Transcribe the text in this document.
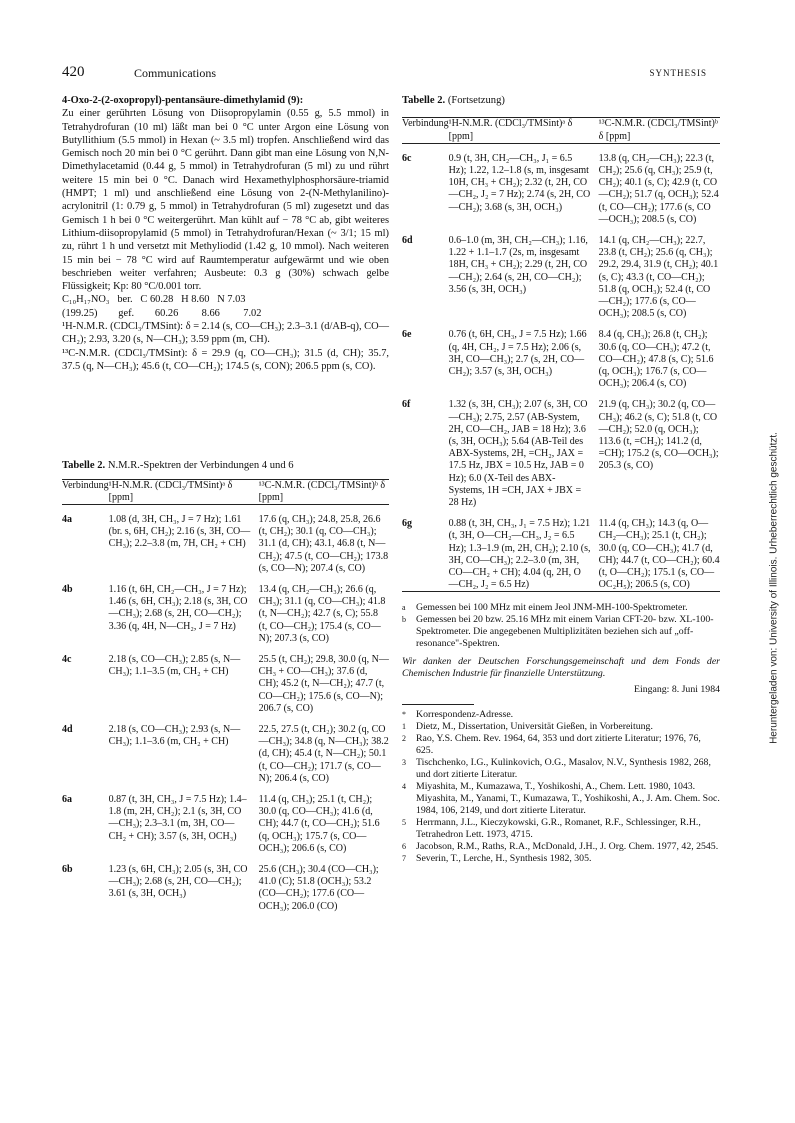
420	Communications	SYNTHESIS

4-Oxo-2-(2-oxopropyl)-pentansäure-dimethylamid (9):

Zu einer gerührten Lösung von Diisopropylamin (0.55 g, 5.5 mmol) in Tetrahydrofuran (10 ml) läßt man bei 0 °C unter Argon eine Lösung von Butyllithium (5.5 mmol) in Hexan (~ 3.5 ml) tropfen. Anschließend wird das Gemisch noch 20 min bei 0 °C gerührt. Dann gibt man eine Lösung von N,N-Dimethylacetamid (0.44 g, 5 mmol) in Tetrahydrofuran (5 ml) zu und rührt weitere 15 min bei 0 °C. Danach wird Hexamethylphosphorsäure-triamid (HMPT; 1 ml) und anschließend eine Lösung von 2-(N-Methylanilino)-acrylonitril (1: 0.79 g, 5 mmol) in Tetrahydrofuran (5 ml) zugesetzt und das Gemisch 1 h bei 0 °C weitergerührt. Man kühlt auf − 78 °C ab, gibt weiteres Lithium-diisopropylamid (5 mmol) in Tetrahydrofuran/Hexan (~ 3/1; 15 ml) zu, rührt 1 h und versetzt mit Methyliodid (1.42 g, 10 mmol). Nach weiteren 15 min bei − 78 °C wird auf Raumtemperatur aufgewärmt und wie oben beschrieben weiter verfahren; Ausbeute: 0.3 g (30%) schwach gelbe Flüssigkeit; Kp: 80 °C/0.001 torr.

C₁₀H₁₇NO₃   ber.   C 60.28   H 8.60   N 7.03

(199.25)        gef.        60.26         8.66         7.02

¹H-N.M.R. (CDCl₃/TMSint): δ = 2.14 (s, CO—CH₃); 2.3–3.1 (d/AB-q), CO—CH₂); 2.93, 3.20 (s, N—CH₃); 3.59 ppm (m, CH).

¹³C-N.M.R. (CDCl₃/TMSint): δ = 29.9 (q, CO—CH₃); 31.5 (d, CH); 35.7, 37.5 (q, N—CH₃); 45.6 (t, CO—CH₂); 174.5 (s, CON); 206.5 ppm (s, CO).

Tabelle 2. N.M.R.-Spektren der Verbindungen 4 und 6

Verbindung	¹H-N.M.R. (CDCl₃/TMSint)ᵃ δ [ppm]	¹³C-N.M.R. (CDCl₃/TMSint)ᵇ δ [ppm]
4a	1.08 (d, 3H, CH₃, J = 7 Hz); 1.61 (br. s, 6H, CH₂); 2.16 (s, 3H, CO—CH₃); 2.2–3.8 (m, 7H, CH₂ + CH)	17.6 (q, CH₃); 24.8, 25.8, 26.6 (t, CH₂); 30.1 (q, CO—CH₃); 31.1 (d, CH); 43.1, 46.8 (t, N—CH₂); 47.5 (t, CO—CH₂); 173.8 (s, CO—N); 207.4 (s, CO)
4b	1.16 (t, 6H, CH₂—CH₃, J = 7 Hz); 1.46 (s, 6H, CH₃); 2.18 (s, 3H, CO—CH₃); 2.68 (s, 2H, CO—CH₂); 3.36 (q, 4H, N—CH₂, J = 7 Hz)	13.4 (q, CH₂—CH₃); 26.6 (q, CH₃); 31.1 (q, CO—CH₃); 41.8 (t, N—CH₂); 42.7 (s, C); 55.8 (t, CO—CH₂); 175.4 (s, CO—N); 207.3 (s, CO)
4c	2.18 (s, CO—CH₃); 2.85 (s, N—CH₃); 1.1–3.5 (m, CH₂ + CH)	25.5 (t, CH₂); 29.8, 30.0 (q, N—CH₃ + CO—CH₃); 37.6 (d, CH); 45.2 (t, N—CH₂); 47.7 (t, CO—CH₂); 175.6 (s, CO—N); 206.7 (s, CO)
4d	2.18 (s, CO—CH₃); 2.93 (s, N—CH₃); 1.1–3.6 (m, CH₂ + CH)	22.5, 27.5 (t, CH₂); 30.2 (q, CO—CH₃); 34.8 (q, N—CH₃); 38.2 (d, CH); 45.4 (t, N—CH₂); 50.1 (t, CO—CH₂); 171.7 (s, CO—N); 206.4 (s, CO)
6a	0.87 (t, 3H, CH₃, J = 7.5 Hz); 1.4–1.8 (m, 2H, CH₂); 2.1 (s, 3H, CO—CH₃); 2.3–3.1 (m, 3H, CO—CH₂ + CH); 3.57 (s, 3H, OCH₃)	11.4 (q, CH₃); 25.1 (t, CH₂); 30.0 (q, CO—CH₃); 41.6 (d, CH); 44.7 (t, CO—CH₂); 51.6 (q, OCH₃); 175.7 (s, CO—OCH₃); 206.6 (s, CO)
6b	1.23 (s, 6H, CH₃); 2.05 (s, 3H, CO—CH₃); 2.68 (s, 2H, CO—CH₂); 3.61 (s, 3H, OCH₃)	25.6 (CH₃); 30.4 (CO—CH₃); 41.0 (C); 51.8 (OCH₃); 53.2 (CO—CH₂); 177.6 (CO—OCH₃); 206.0 (CO)

Tabelle 2. (Fortsetzung)

Verbindung	¹H-N.M.R. (CDCl₃/TMSint)ᵃ δ [ppm]	¹³C-N.M.R. (CDCl₃/TMSint)ᵇ δ [ppm]
6c	0.9 (t, 3H, CH₂—CH₃, J₁ = 6.5 Hz); 1.22, 1.2–1.8 (s, m, insgesamt 10H, CH₃ + CH₂); 2.32 (t, 2H, CO—CH₂, J₂ = 7 Hz); 2.74 (s, 2H, CO—CH₂); 3.68 (s, 3H, OCH₃)	13.8 (q, CH₂—CH₃); 22.3 (t, CH₂); 25.6 (q, CH₃); 25.9 (t, CH₂); 40.1 (s, C); 42.9 (t, CO—CH₂); 51.7 (q, OCH₃); 52.4 (t, CO—CH₂); 177.6 (s, CO—OCH₃); 208.5 (s, CO)
6d	0.6–1.0 (m, 3H, CH₂—CH₃); 1.16, 1.22 + 1.1–1.7 (2s, m, insgesamt 18H, CH₃ + CH₂); 2.29 (t, 2H, CO—CH₂); 2.64 (s, 2H, CO—CH₂); 3.56 (s, 3H, OCH₃)	14.1 (q, CH₂—CH₃); 22.7, 23.8 (t, CH₂); 25.6 (q, CH₃); 29.2, 29.4, 31.9 (t, CH₂); 40.1 (s, C); 43.3 (t, CO—CH₂); 51.8 (q, OCH₃); 52.4 (t, CO—CH₂); 177.6 (s, CO—OCH₃); 208.5 (s, CO)
6e	0.76 (t, 6H, CH₃, J = 7.5 Hz); 1.66 (q, 4H, CH₂, J = 7.5 Hz); 2.06 (s, 3H, CO—CH₃); 2.7 (s, 2H, CO—CH₂); 3.57 (s, 3H, OCH₃)	8.4 (q, CH₃); 26.8 (t, CH₂); 30.6 (q, CO—CH₃); 47.2 (t, CO—CH₂); 47.8 (s, C); 51.6 (q, OCH₃); 176.7 (s, CO—OCH₃); 206.4 (s, CO)
6f	1.32 (s, 3H, CH₃); 2.07 (s, 3H, CO—CH₃); 2.75, 2.57 (AB-System, 2H, CO—CH₂, JAB = 18 Hz); 3.6 (s, 3H, OCH₃); 5.64 (AB-Teil des ABX-Systems, 2H, =CH₂, JAX = 17.5 Hz, JBX = 10.5 Hz, JAB = 0 Hz); 6.0 (X-Teil des ABX-Systems, 1H =CH, JAX + JBX = 28 Hz)	21.9 (q, CH₃); 30.2 (q, CO—CH₃); 46.2 (s, C); 51.8 (t, CO—CH₂); 52.0 (q, OCH₃); 113.6 (t, =CH₂); 141.2 (d, =CH); 175.2 (s, CO—OCH₃); 205.3 (s, CO)
6g	0.88 (t, 3H, CH₃, J₁ = 7.5 Hz); 1.21 (t, 3H, O—CH₂—CH₃, J₂ = 6.5 Hz); 1.3–1.9 (m, 2H, CH₂); 2.10 (s, 3H, CO—CH₃); 2.2–3.0 (m, 3H, CO—CH₂ + CH); 4.04 (q, 2H, O—CH₂, J₂ = 6.5 Hz)	11.4 (q, CH₃); 14.3 (q, O—CH₂—CH₃); 25.1 (t, CH₂); 30.0 (q, CO—CH₃); 41.7 (d, CH); 44.7 (t, CO—CH₂); 60.4 (t, O—CH₂); 175.1 (s, CO—OC₂H₅); 206.5 (s, CO)
a	Gemessen bei 100 MHz mit einem Jeol JNM-MH-100-Spektrometer.
b	Gemessen bei 20 bzw. 25.16 MHz mit einem Varian CFT-20- bzw. XL-100-Spektrometer. Die angegebenen Multiplizitäten beziehen sich auf „off-resonance"-Spektren.

Wir danken der Deutschen Forschungsgemeinschaft und dem Fonds der Chemischen Industrie für finanzielle Unterstützung.

Eingang: 8. Juni 1984

*	Korrespondenz-Adresse.
1	Dietz, M., Dissertation, Universität Gießen, in Vorbereitung.
2	Rao, Y.S. Chem. Rev. 1964, 64, 353 und dort zitierte Literatur; 1976, 76, 625.
3	Tischchenko, I.G., Kulinkovich, O.G., Masalov, N.V., Synthesis 1982, 268, und dort zitierte Literatur.
4	Miyashita, M., Kumazawa, T., Yoshikoshi, A., Chem. Lett. 1980, 1043. Miyashita, M., Yanami, T., Kumazawa, T., Yoshikoshi, A., J. Am. Chem. Soc. 1984, 106, 2149, und dort zitierte Literatur.
5	Herrmann, J.L., Kieczykowski, G.R., Romanet, R.F., Schlessinger, R.H., Tetrahedron Lett. 1973, 4715.
6	Jacobson, R.M., Raths, R.A., McDonald, J.H., J. Org. Chem. 1977, 42, 2545.
7	Severin, T., Lerche, H., Synthesis 1982, 305.
Heruntergeladen von: University of Illinois. Urheberrechtlich geschützt.
